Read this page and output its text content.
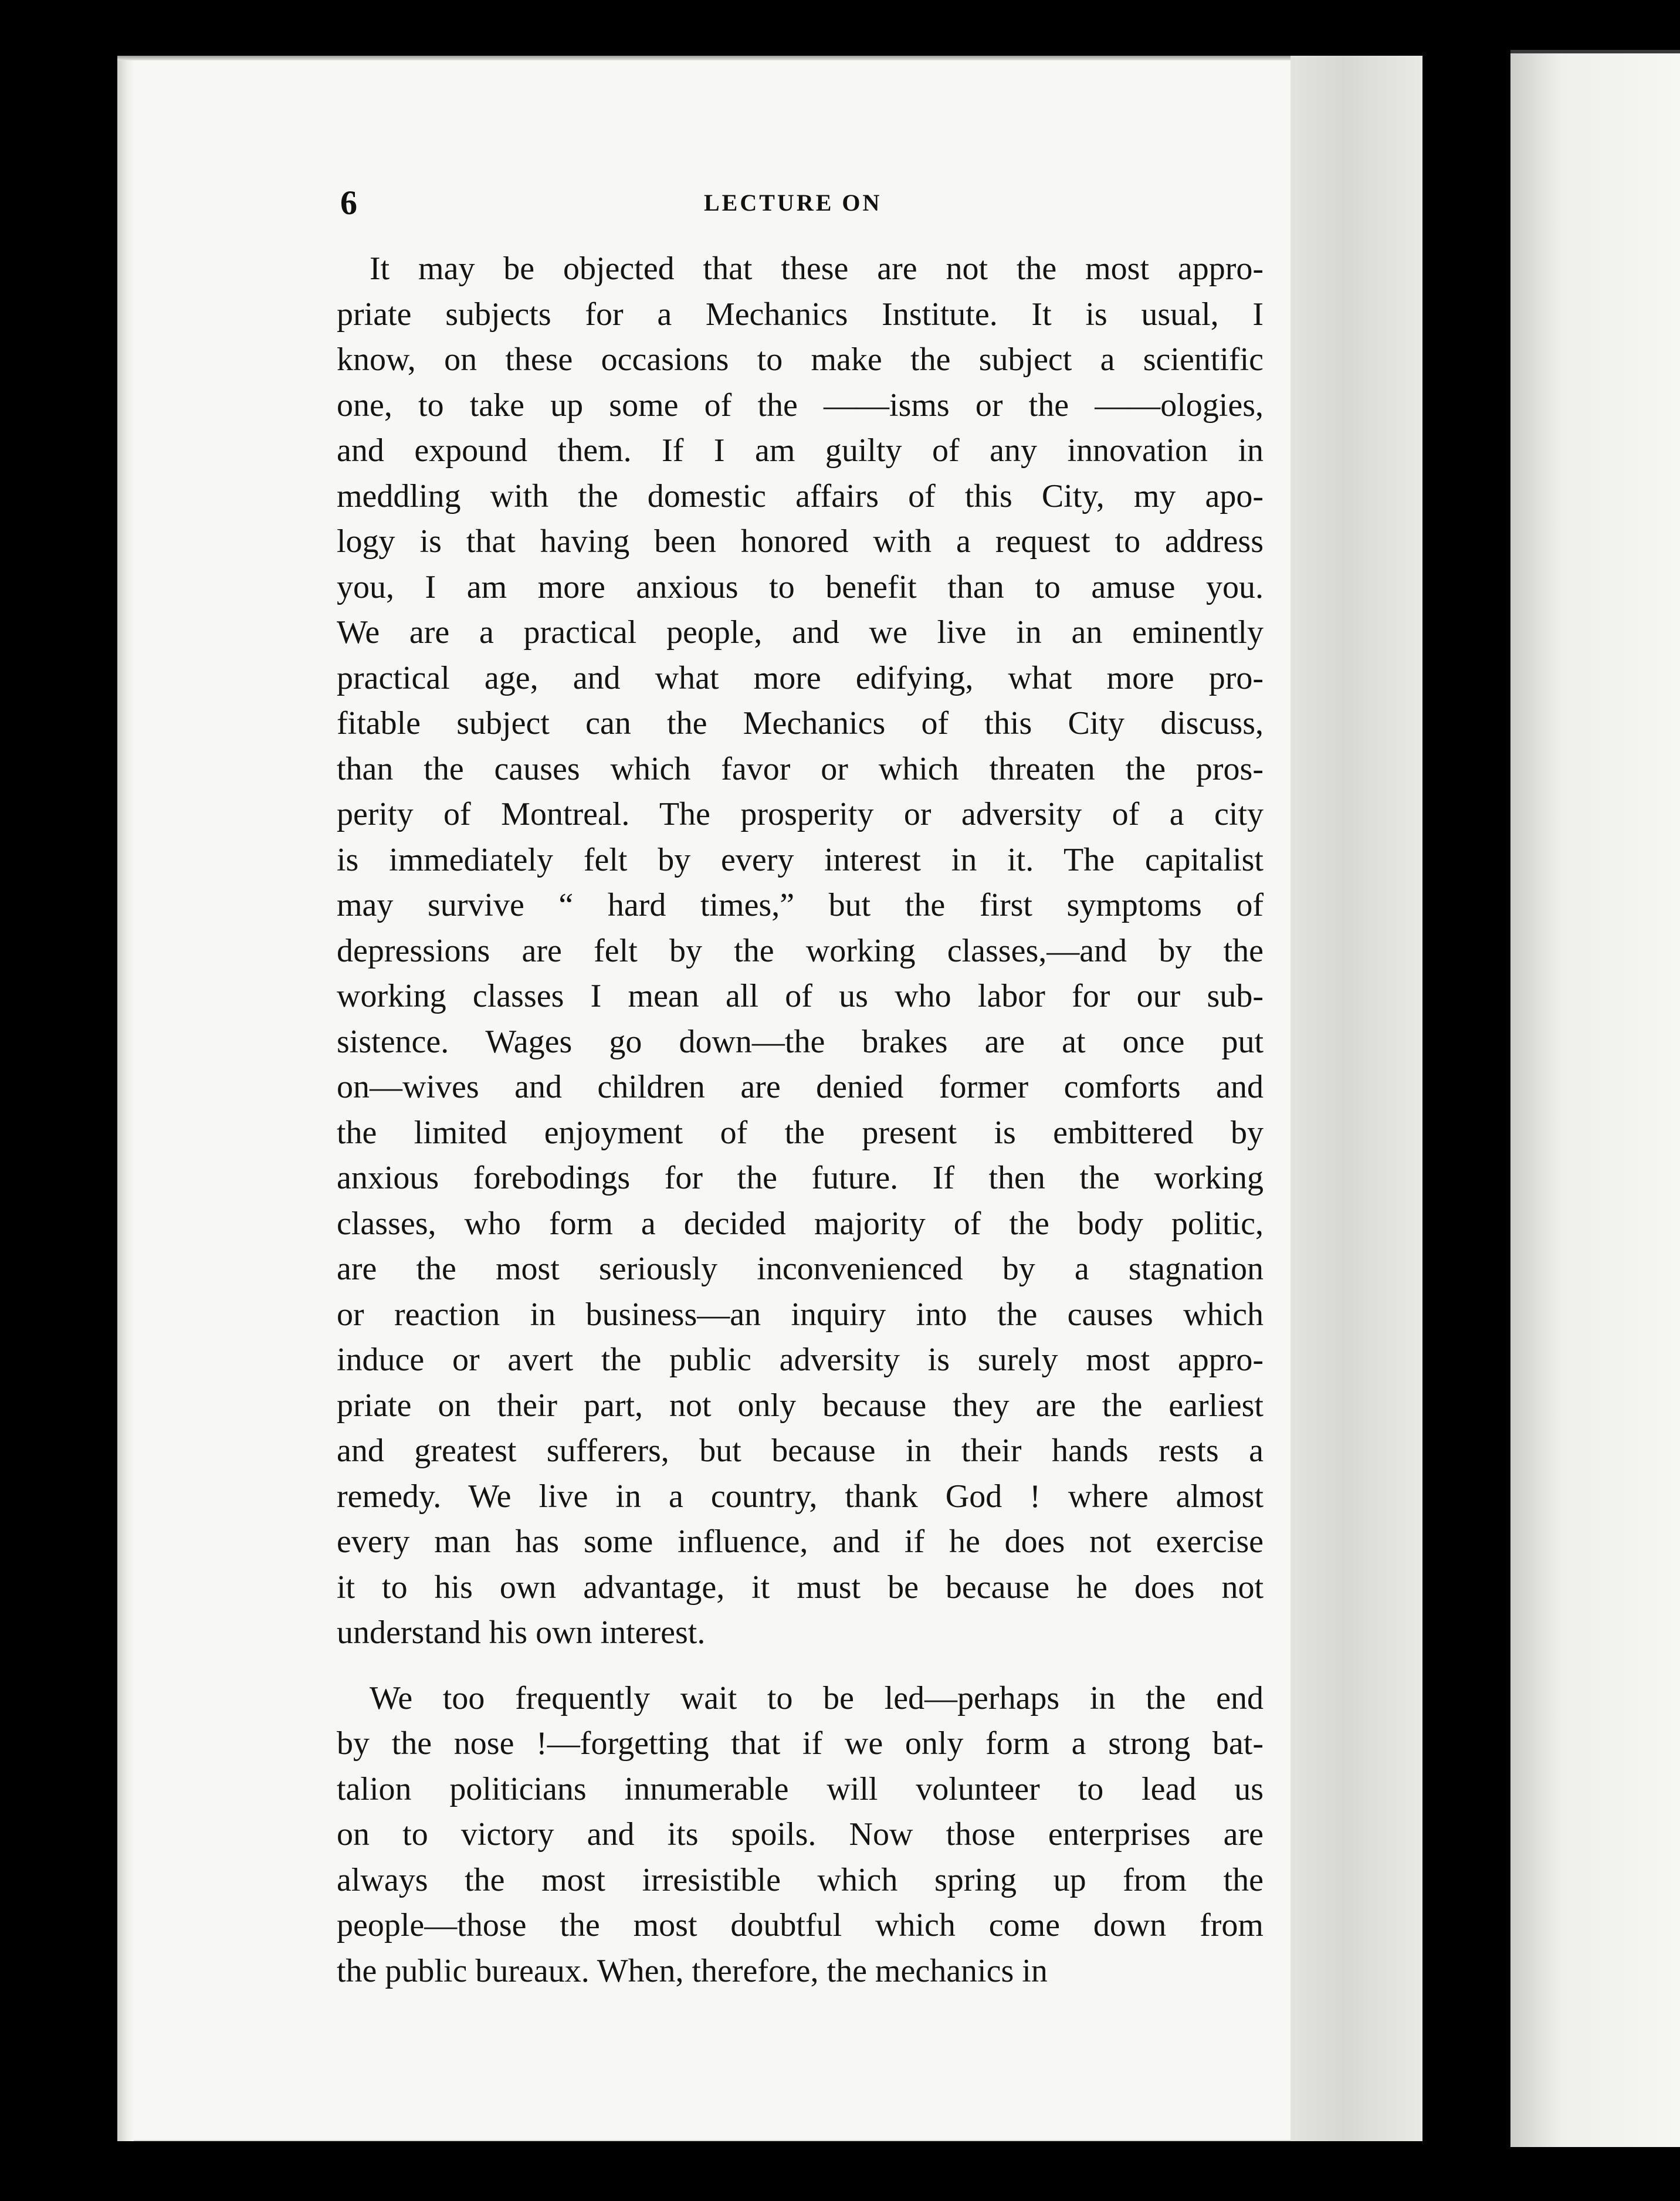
6	LECTURE ON
It may be objected that these are not the most appro-
priate subjects for a Mechanics Institute. It is usual, I
know, on these occasions to make the subject a scientific
one, to take up some of the ——isms or the ——ologies,
and expound them. If I am guilty of any innovation in
meddling with the domestic affairs of this City, my apo-
logy is that having been honored with a request to address
you, I am more anxious to benefit than to amuse you.
We are a practical people, and we live in an eminently
practical age, and what more edifying, what more pro-
fitable subject can the Mechanics of this City discuss,
than the causes which favor or which threaten the pros-
perity of Montreal. The prosperity or adversity of a city
is immediately felt by every interest in it. The capitalist
may survive “ hard times,” but the first symptoms of
depressions are felt by the working classes,—and by the
working classes I mean all of us who labor for our sub-
sistence. Wages go down—the brakes are at once put
on—wives and children are denied former comforts and
the limited enjoyment of the present is embittered by
anxious forebodings for the future. If then the working
classes, who form a decided majority of the body politic,
are the most seriously inconvenienced by a stagnation
or reaction in business—an inquiry into the causes which
induce or avert the public adversity is surely most appro-
priate on their part, not only because they are the earliest
and greatest sufferers, but because in their hands rests a
remedy. We live in a country, thank God ! where almost
every man has some influence, and if he does not exercise
it to his own advantage, it must be because he does not
understand his own interest.
We too frequently wait to be led—perhaps in the end
by the nose !—forgetting that if we only form a strong bat-
talion politicians innumerable will volunteer to lead us
on to victory and its spoils. Now those enterprises are
always the most irresistible which spring up from the
people—those the most doubtful which come down from
the public bureaux. When, therefore, the mechanics in
